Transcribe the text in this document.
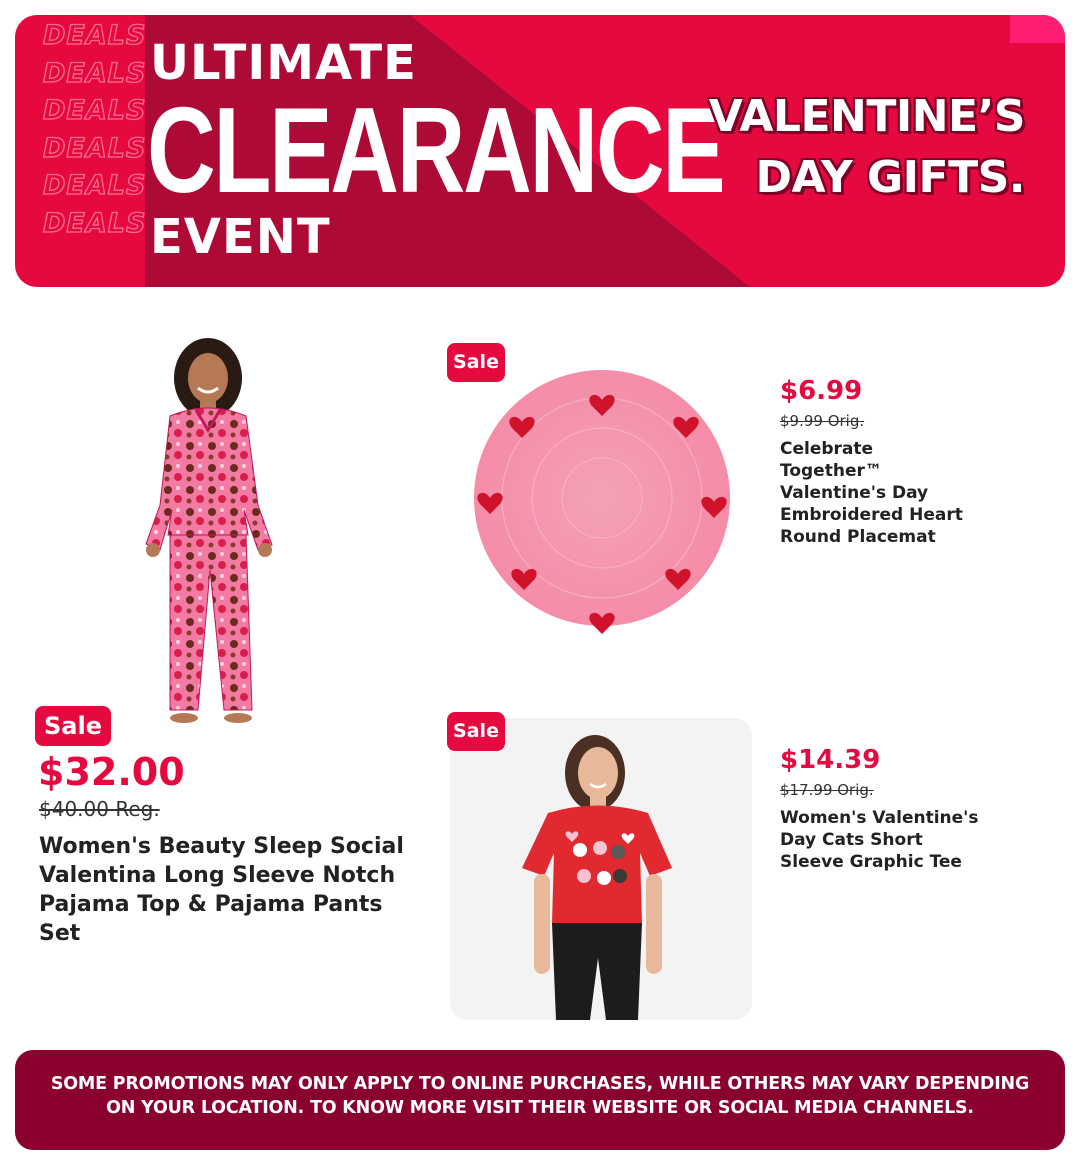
DEALS
DEALS
DEALS
DEALS
DEALS
DEALS
ULTIMATE
CLEARANCE
EVENT
VALENTINE’S
DAY GIFTS.
Sale
$32.00
$40.00 Reg.
Women's Beauty Sleep Social Valentina Long Sleeve Notch Pajama Top & Pajama Pants Set
Sale
$6.99
$9.99 Orig.
Celebrate Together™ Valentine's Day Embroidered Heart Round Placemat
Sale
$14.39
$17.99 Orig.
Women's Valentine's Day Cats Short Sleeve Graphic Tee
SOME PROMOTIONS MAY ONLY APPLY TO ONLINE PURCHASES, WHILE OTHERS MAY VARY DEPENDING ON YOUR LOCATION. TO KNOW MORE VISIT THEIR WEBSITE OR SOCIAL MEDIA CHANNELS.
